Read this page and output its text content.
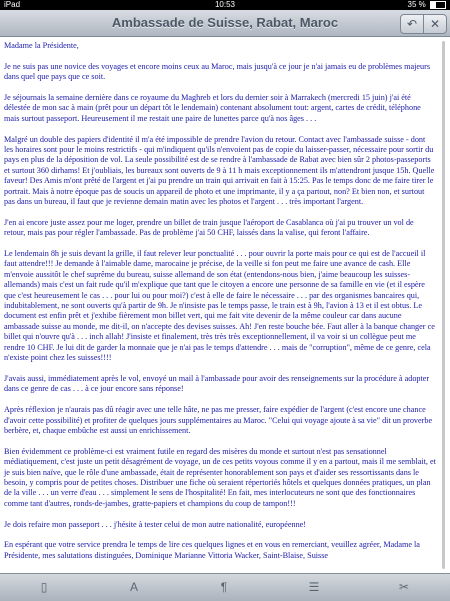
iPad	10:53	35 %
Ambassade de Suisse, Rabat, Maroc	↶	✕

Madame la Présidente,

Je ne suis pas une novice des voyages et encore moins ceux au Maroc, mais jusqu'à ce jour je n'ai jamais eu de problèmes majeurs dans quel que pays que ce soit.

Je séjournais la semaine dernière dans ce royaume du Maghreb et lors du dernier soir à Marrakech (mercredi 15 juin) j'ai été délestée de mon sac à main (prêt pour un départ tôt le lendemain) contenant absolument tout: argent, cartes de crédit, téléphone mais surtout passeport. Heureusement il me restait une paire de lunettes parce qu'à nos âges . . .

Malgré un double des papiers d'identité il m'a été impossible de prendre l'avion du retour. Contact avec l'ambassade suisse - dont les horaires sont pour le moins restrictifs - qui m'indiquent qu'ils n'envoient pas de copie du laisser-passer, nécessaire pour sortir du pays en plus de la déposition de vol. La seule possibilité est de se rendre à l'ambassade de Rabat avec bien sûr 2 photos-passeports et surtout 360 dirhams! Et j'oubliais, les bureaux sont ouverts de 9 à 11 h mais exceptionnement ils m'attendront jusque 15h. Quelle faveur! Des Amis m'ont prêté de l'argent et j'ai pu prendre un train qui arrivait en fait à 15:25. Pas le temps donc de me faire tirer le portrait. Mais à notre époque pas de soucis un appareil de photo et une imprimante, il y a ça partout, non? Et bien non, et surtout pas dans un bureau, il faut que je revienne demain matin avec les photos et l'argent . . . très important l'argent.

J'en ai encore juste assez pour me loger, prendre un billet de train jusque l'aéroport de Casablanca où j'ai pu trouver un vol de retour, mais pas pour régler l'ambassade. Pas de problème j'ai 50 CHF, laissés dans la valise, qui feront l'affaire.

Le lendemain 8h je suis devant la grille, il faut relever leur ponctualité . . . pour ouvrir la porte mais pour ce qui est de l'accueil il faut attendre!!! Je demande à l'aimable dame, marocaine je précise, de la veille si fon peut me faire une avance de cash. Elle m'envoie aussitôt le chef suprême du bureau, suisse allemand de son état (entendons-nous bien, j'aime beaucoup les suisses-allemands) mais c'est un fait rude qu'il m'explique que tant que le citoyen a encore une personne de sa famille en vie (et il espère que c'est heureusement le cas . . . pour lui ou pour moi?) c'est à elle de faire le nécessaire . . . par des organismes bancaires qui, indubitablement, ne sont ouverts qu'à partir de 9h. Je n'insiste pas le temps passe, le train est à 9h, l'avion à 13 et il est obtus. Le document est enfin prêt et j'exhibe fièrement mon billet vert, qui me fait vite devenir de la même couleur car dans aucune ambassade suisse au monde, me dit-il, on n'accepte des devises suisses. Ah! J'en reste bouche bée. Faut aller à la banque changer ce billet qui n'ouvre qu'à . . . inch allah! J'insiste et finalement, très très très exceptionnellement, il va voir si un collègue peut me rendre 10 CHF. Je lui dit de garder la monnaie que je n'ai pas le temps d'attendre . . . mais de "corruption", même de ce genre, cela n'existe point chez les suisses!!!!

J'avais aussi, immédiatement après le vol, envoyé un mail à l'ambassade pour avoir des renseignements sur la procédure à adopter dans ce genre de cas . . . à ce jour encore sans réponse!

Après réflexion je n'aurais pas dû réagir avec une telle hâte, ne pas me presser, faire expédier de l'argent (c'est encore une chance d'avoir cette possibilité) et profiter de quelques jours supplémentaires au Maroc. "Celui qui voyage ajoute à sa vie" dit un proverbe berbère, et, chaque embûche est aussi un enrichissement.

Bien évidemment ce problème-ci est vraiment futile en regard des misères du monde et surtout n'est pas sensationnel médiatiquement, c'est juste un petit désagrément de voyage, un de ces petits voyous comme il y en a partout, mais il me semblait, et je suis bien naïve, que le rôle d'une ambassade, était de représenter honorablement son pays et d'aider ses ressortissants dans le besoin, y compris pour de petites choses. Distribuer une fiche où seraient répertoriés hôtels et quelques données pratiques, un plan de la ville . . . un verre d'eau . . . simplement le sens de l'hospitalité! En fait, mes interlocuteurs ne sont que des fonctionnaires comme tant d'autres, ronds-de-jambes, gratte-papiers et champions du coup de tampon!!!

Je dois refaire mon passeport . . . j'hésite à tester celui de mon autre nationalité, européenne!

En espérant que votre service prendra le temps de lire ces quelques lignes et en vous en remerciant, veuillez agréer, Madame la Présidente, mes salutations distinguées, Dominique Marianne Vittoria Wacker, Saint-Blaise, Suisse

▯	A	¶	☰	✂
